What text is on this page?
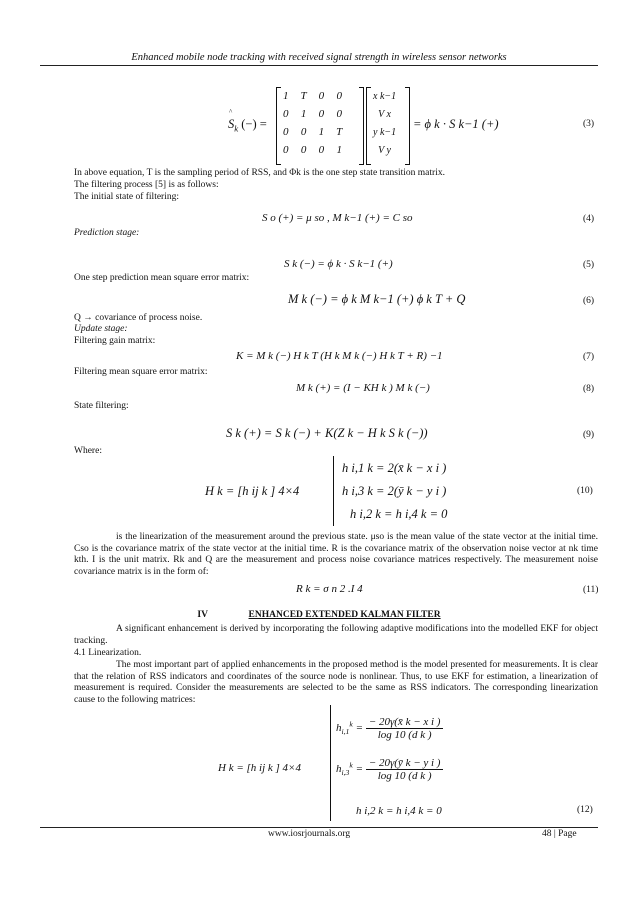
Enhanced mobile node tracking with received signal strength in wireless sensor networks
^ $S_k$ (−) =
1	T	0	0
0	1	0	0
0	0	1	T
0	0	0	1
x k−1
V x
y k−1
V y
= ϕ k · S k−1 (+)	(3)
In above equation, T is the sampling period of RSS, and Φk is the one step state transition matrix.
The filtering process [5] is as follows:
The initial state of filtering:
S o (+) = μ so , M k−1 (+) = C so	(4)
Prediction stage:
S k (−) = ϕ k · S k−1 (+)	(5)
One step prediction mean square error matrix:
M k (−) = ϕ k M k−1 (+) ϕ k T + Q	(6)
Q → covariance of process noise.
Update stage:
Filtering gain matrix:
K = M k (−) H k T (H k M k (−) H k T + R) −1	(7)
Filtering mean square error matrix:
M k (+) = (I − KH k ) M k (−)	(8)
State filtering:
S k (+) = S k (−) + K(Z k − H k S k (−))	(9)
Where:
H k = [h ij k ] 4×4
h i,1 k = 2(x̄ k − x i )
h i,3 k = 2(ȳ k − y i )
h i,2 k = h i,4 k = 0
(10)
is the linearization of the measurement around the previous state. μso is the mean value of the state vector at the initial time. Cso is the covariance matrix of the state vector at the initial time. R is the covariance matrix of the observation noise vector at nk time kth. I is the unit matrix. Rk and Q are the measurement and process noise covariance matrices respectively. The measurement noise covariance matrix is in the form of:
R k = σ n 2 .I 4	(11)
IV	ENHANCED EXTENDED KALMAN FILTER
A significant enhancement is derived by incorporating the following adaptive modifications into the modelled EKF for object tracking.
4.1 Linearization.
The most important part of applied enhancements in the proposed method is the model presented for measurements. It is clear that the relation of RSS indicators and coordinates of the source node is nonlinear. Thus, to use EKF for estimation, a linearization of measurement is required. Consider the measurements are selected to be the same as RSS indicators. The corresponding linearization cause to the following matrices:
H k = [h ij k ] 4×4
$h_{i,1}^k = \frac{\text{− 20γ(x̄ k − x i )}}{\text{log 10 (d k )}}$
$h_{i,3}^k = \frac{\text{− 20γ(ȳ k − y i )}}{\text{log 10 (d k )}}$
h i,2 k = h i,4 k = 0	(12)
www.iosrjournals.org	48 | Page
